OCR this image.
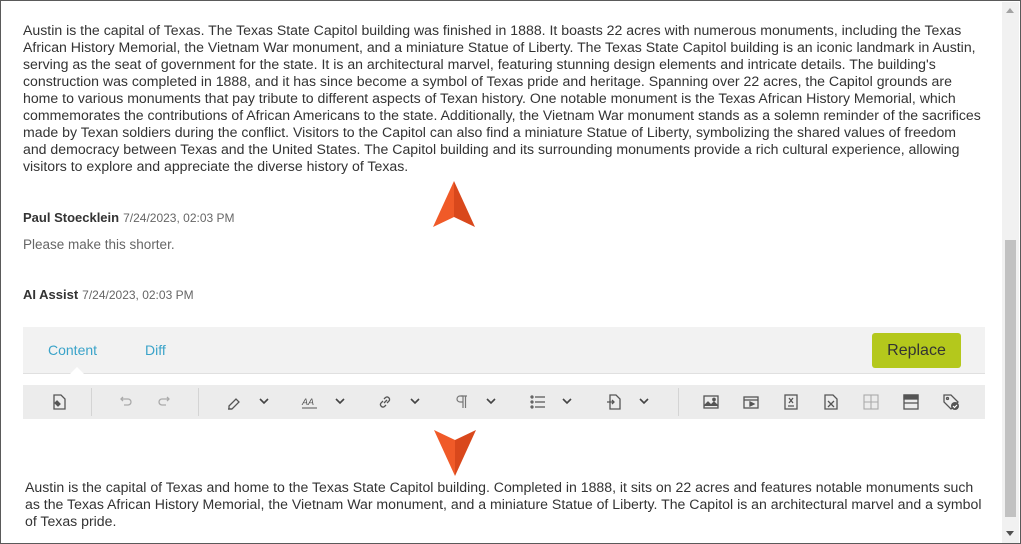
Austin is the capital of Texas. The Texas State Capitol building was finished in 1888. It boasts 22 acres with numerous monuments, including the Texas African History Memorial, the Vietnam War monument, and a miniature Statue of Liberty. The Texas State Capitol building is an iconic landmark in Austin, serving as the seat of government for the state. It is an architectural marvel, featuring stunning design elements and intricate details. The building's construction was completed in 1888, and it has since become a symbol of Texas pride and heritage. Spanning over 22 acres, the Capitol grounds are home to various monuments that pay tribute to different aspects of Texan history. One notable monument is the Texas African History Memorial, which commemorates the contributions of African Americans to the state. Additionally, the Vietnam War monument stands as a solemn reminder of the sacrifices made by Texan soldiers during the conflict. Visitors to the Capitol can also find a miniature Statue of Liberty, symbolizing the shared values of freedom and democracy between Texas and the United States. The Capitol building and its surrounding monuments provide a rich cultural experience, allowing visitors to explore and appreciate the diverse history of Texas.
Paul Stoecklein 7/24/2023, 02:03 PM
Please make this shorter.
AI Assist 7/24/2023, 02:03 PM
Content	Diff	Replace
AA
Austin is the capital of Texas and home to the Texas State Capitol building. Completed in 1888, it sits on 22 acres and features notable monuments such as the Texas African History Memorial, the Vietnam War monument, and a miniature Statue of Liberty. The Capitol is an architectural marvel and a symbol of Texas pride.
